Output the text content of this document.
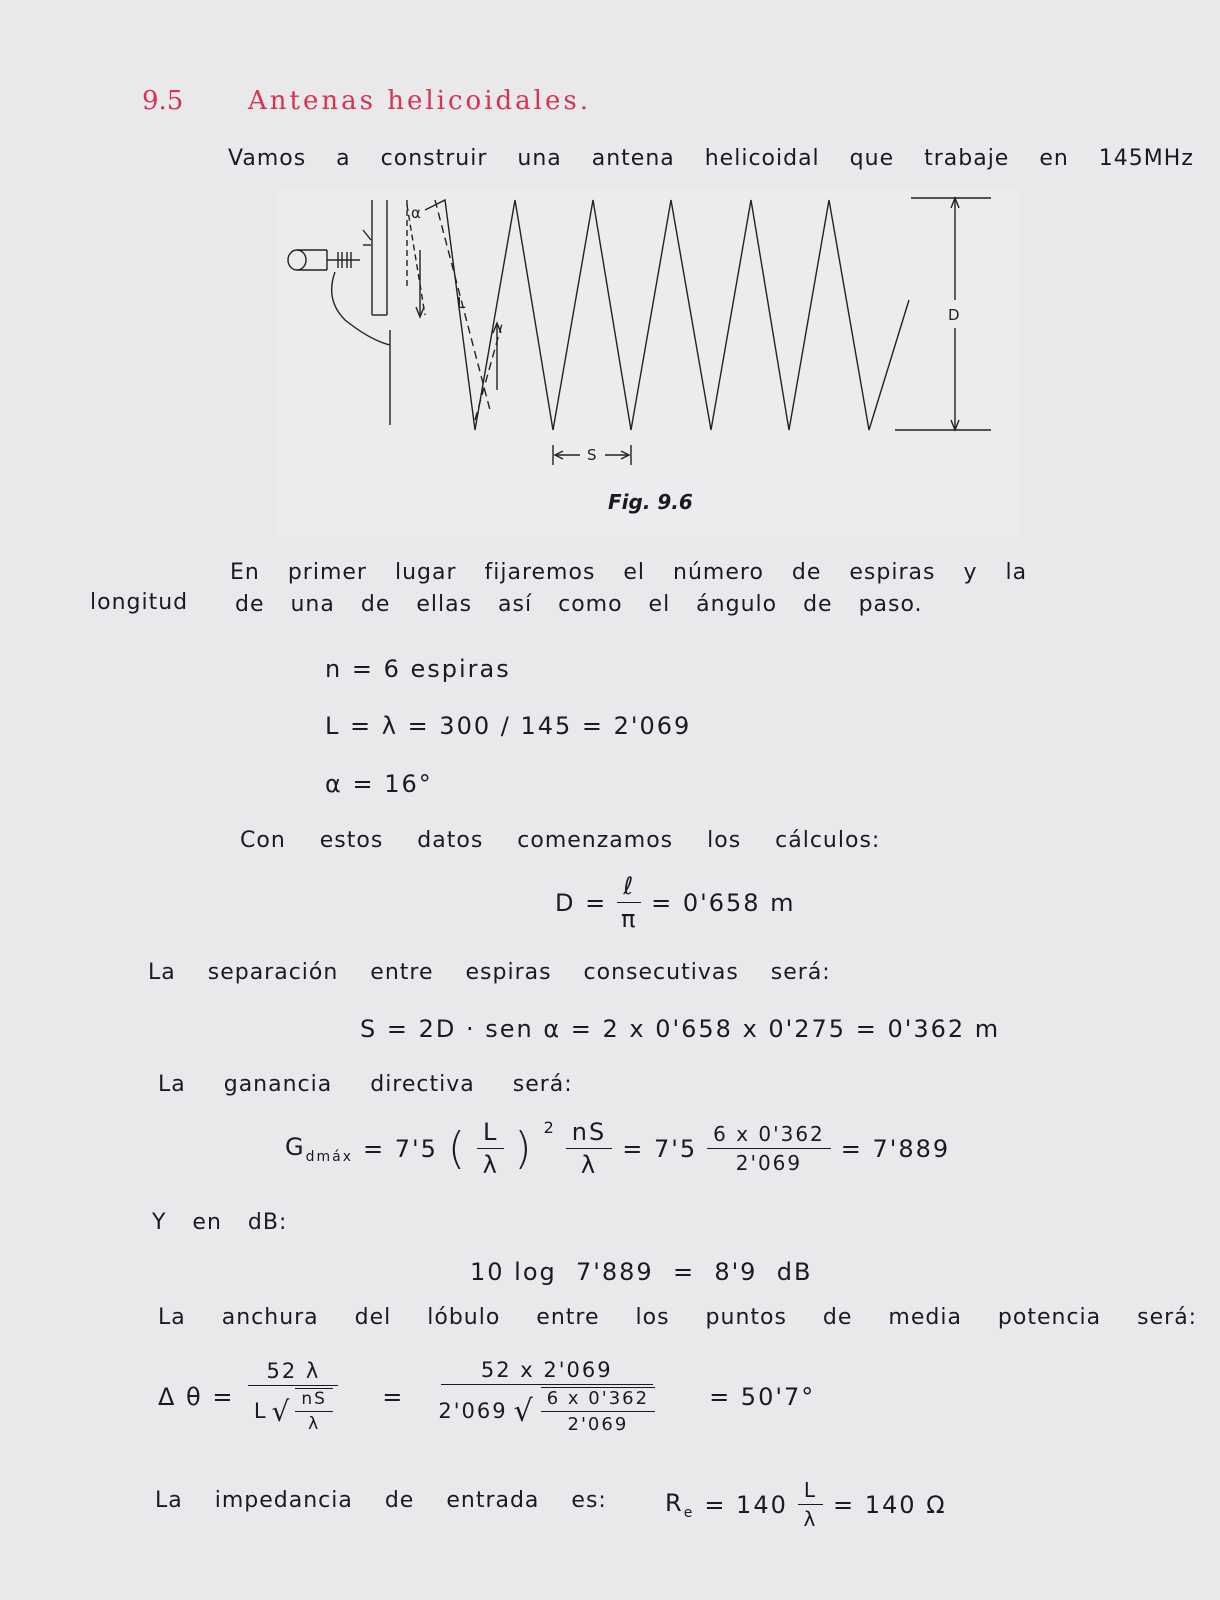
9.5 Antenas helicoidales.
Vamos a construir una antena helicoidal que trabaje en 145MHz
α
L
D
S
Fig. 9.6
En primer lugar fijaremos el número de espiras y la
longitud de una de ellas así como el ángulo de paso.
n = 6 espiras
L = λ = 300 / 145 = 2'069
α = 16°
Con estos datos comenzamos los cálculos:
$D = \frac{\text{ℓ}}{\pi} = 0'658$ m
La separación entre espiras consecutivas será:
S = 2D · sen α = 2 x 0'658 x 0'275 = 0'362 m
La ganancia directiva será:
$G_{dmáx} = 7'5$ ( $\frac{L}{\lambda}$ ) $^2 \frac{nS}{\lambda} = 7'5 \frac{6 x 0'362}{2'069} = 7'889$
Y en dB:
10 log  7'889  =  8'9  dB
La anchura del lóbulo entre los puntos de media potencia será:
Δ $\theta = \frac{52 \lambda}{L √ \frac{nS}{\lambda}} = \frac{52 x 2'069}{2'069 √ \frac{6 x 0'362}{2'069}} = 50'7^\circ$
La impedancia de entrada es: $R_e = 140 \frac{L}{\lambda} = 140$ Ω
